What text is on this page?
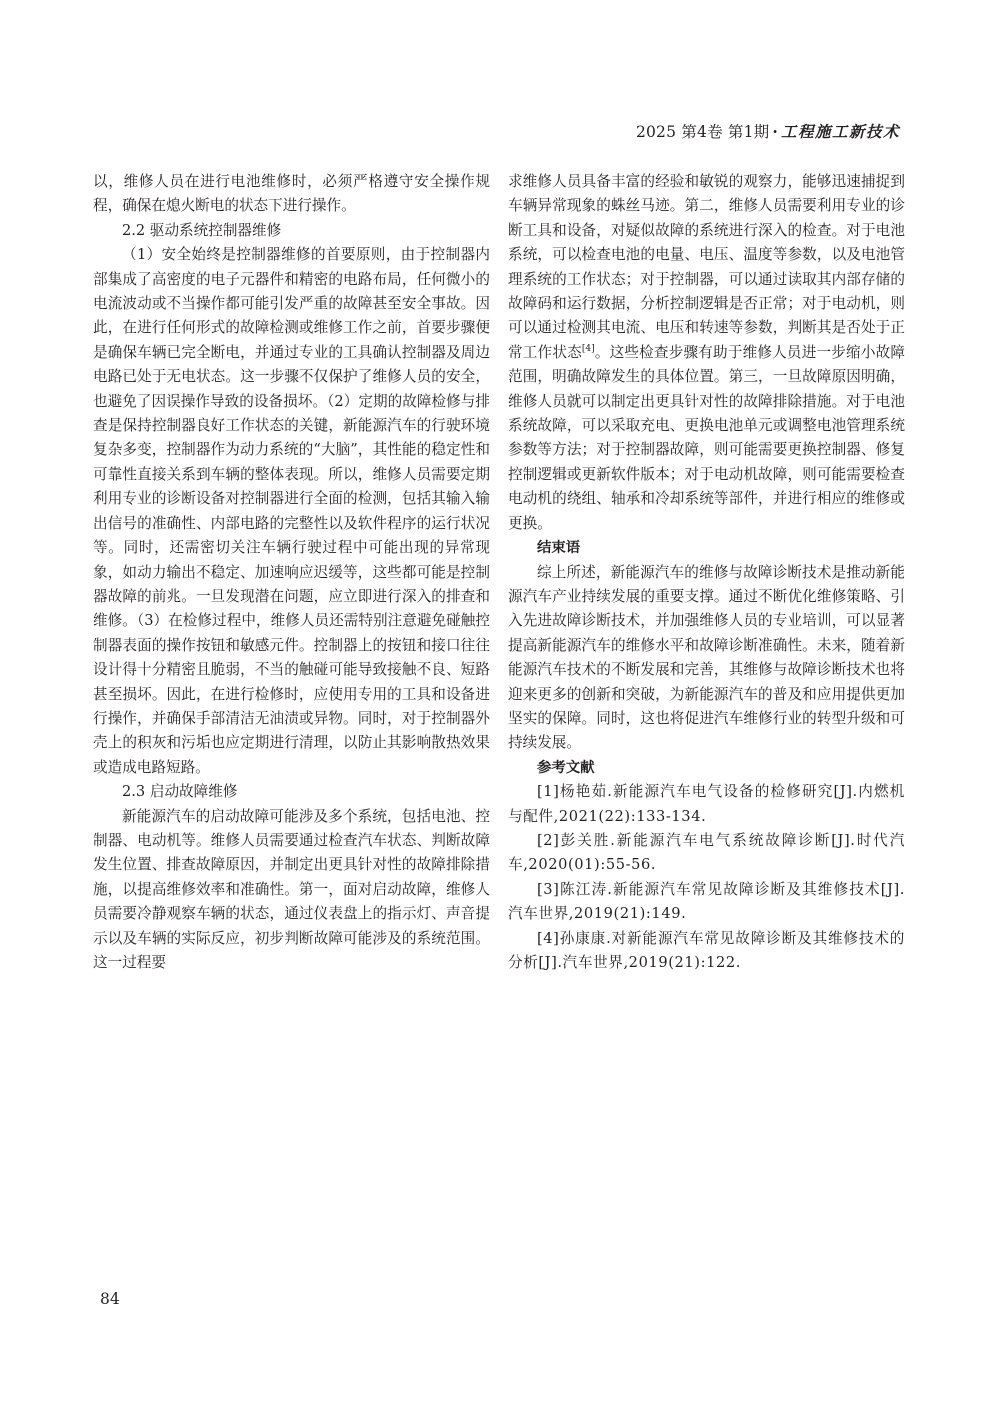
2025 第4卷 第1期 · 工程施工新技术

以，维修人员在进行电池维修时，必须严格遵守安全操作规程，确保在熄火断电的状态下进行操作。

2.2 驱动系统控制器维修

（1）安全始终是控制器维修的首要原则，由于控制器内部集成了高密度的电子元器件和精密的电路布局，任何微小的电流波动或不当操作都可能引发严重的故障甚至安全事故。因此，在进行任何形式的故障检测或维修工作之前，首要步骤便是确保车辆已完全断电，并通过专业的工具确认控制器及周边电路已处于无电状态。这一步骤不仅保护了维修人员的安全，也避免了因误操作导致的设备损坏。（2）定期的故障检修与排查是保持控制器良好工作状态的关键，新能源汽车的行驶环境复杂多变，控制器作为动力系统的“大脑”，其性能的稳定性和可靠性直接关系到车辆的整体表现。所以，维修人员需要定期利用专业的诊断设备对控制器进行全面的检测，包括其输入输出信号的准确性、内部电路的完整性以及软件程序的运行状况等。同时，还需密切关注车辆行驶过程中可能出现的异常现象，如动力输出不稳定、加速响应迟缓等，这些都可能是控制器故障的前兆。一旦发现潜在问题，应立即进行深入的排查和维修。（3）在检修过程中，维修人员还需特别注意避免碰触控制器表面的操作按钮和敏感元件。控制器上的按钮和接口往往设计得十分精密且脆弱，不当的触碰可能导致接触不良、短路甚至损坏。因此，在进行检修时，应使用专用的工具和设备进行操作，并确保手部清洁无油渍或异物。同时，对于控制器外壳上的积灰和污垢也应定期进行清理，以防止其影响散热效果或造成电路短路。

2.3 启动故障维修

新能源汽车的启动故障可能涉及多个系统，包括电池、控制器、电动机等。维修人员需要通过检查汽车状态、判断故障发生位置、排查故障原因，并制定出更具针对性的故障排除措施，以提高维修效率和准确性。第一，面对启动故障，维修人员需要冷静观察车辆的状态，通过仪表盘上的指示灯、声音提示以及车辆的实际反应，初步判断故障可能涉及的系统范围。这一过程要

求维修人员具备丰富的经验和敏锐的观察力，能够迅速捕捉到车辆异常现象的蛛丝马迹。第二，维修人员需要利用专业的诊断工具和设备，对疑似故障的系统进行深入的检查。对于电池系统，可以检查电池的电量、电压、温度等参数，以及电池管理系统的工作状态；对于控制器，可以通过读取其内部存储的故障码和运行数据，分析控制逻辑是否正常；对于电动机，则可以通过检测其电流、电压和转速等参数，判断其是否处于正常工作状态[4]。这些检查步骤有助于维修人员进一步缩小故障范围，明确故障发生的具体位置。第三，一旦故障原因明确，维修人员就可以制定出更具针对性的故障排除措施。对于电池系统故障，可以采取充电、更换电池单元或调整电池管理系统参数等方法；对于控制器故障，则可能需要更换控制器、修复控制逻辑或更新软件版本；对于电动机故障，则可能需要检查电动机的绕组、轴承和冷却系统等部件，并进行相应的维修或更换。

结束语

综上所述，新能源汽车的维修与故障诊断技术是推动新能源汽车产业持续发展的重要支撑。通过不断优化维修策略、引入先进故障诊断技术，并加强维修人员的专业培训，可以显著提高新能源汽车的维修水平和故障诊断准确性。未来，随着新能源汽车技术的不断发展和完善，其维修与故障诊断技术也将迎来更多的创新和突破，为新能源汽车的普及和应用提供更加坚实的保障。同时，这也将促进汽车维修行业的转型升级和可持续发展。

参考文献

[1]杨艳茹.新能源汽车电气设备的检修研究[J].内燃机与配件,2021(22):133-134.

[2]彭关胜.新能源汽车电气系统故障诊断[J].时代汽车,2020(01):55-56.

[3]陈江涛.新能源汽车常见故障诊断及其维修技术[J].汽车世界,2019(21):149.

[4]孙康康.对新能源汽车常见故障诊断及其维修技术的分析[J].汽车世界,2019(21):122.

84
